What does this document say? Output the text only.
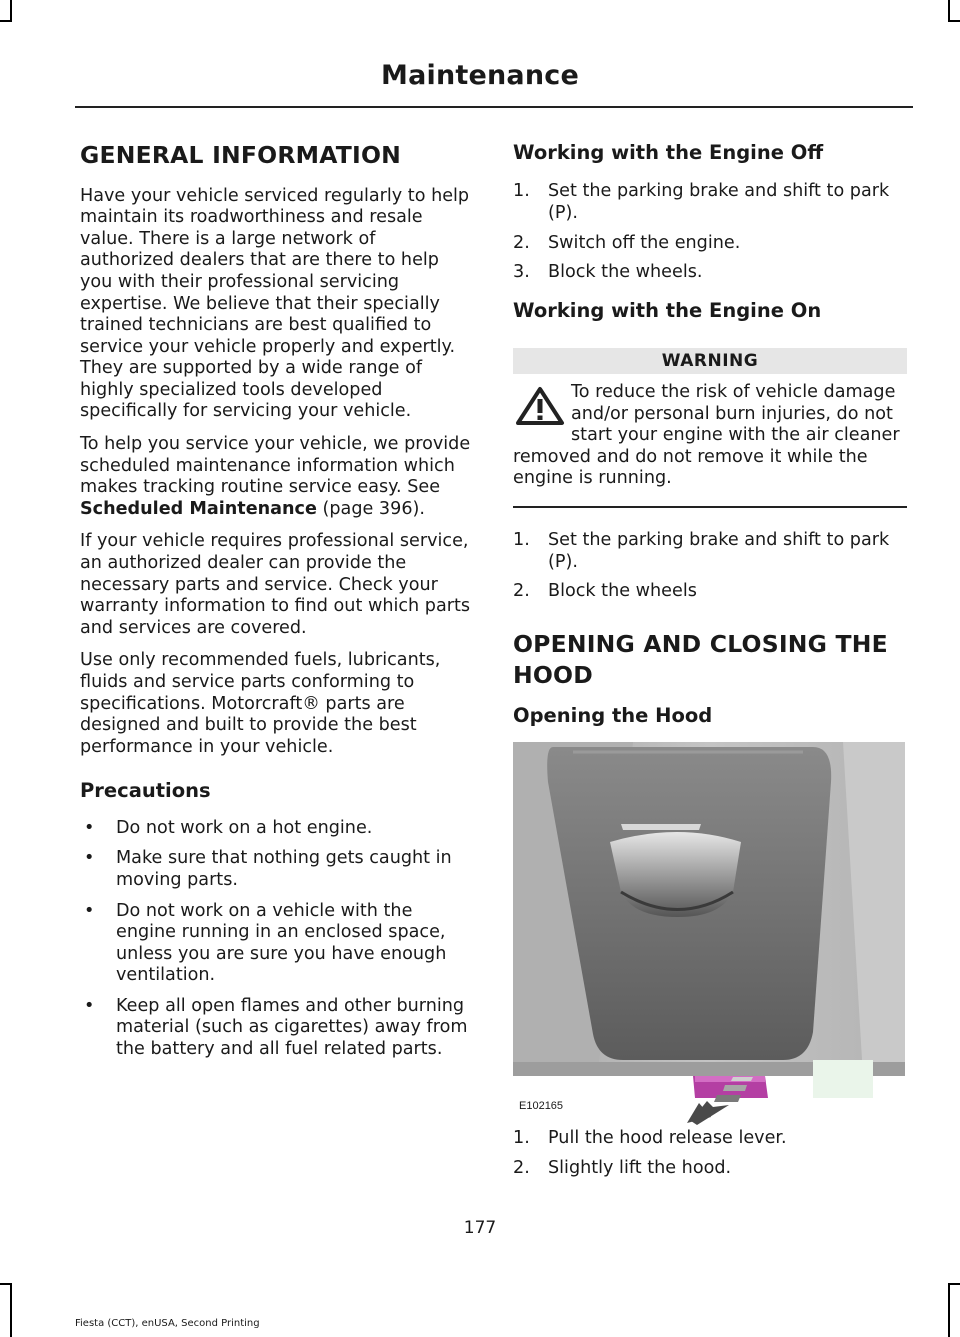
Maintenance
GENERAL INFORMATION

Have your vehicle serviced regularly to help maintain its roadworthiness and resale value. There is a large network of authorized dealers that are there to help you with their professional servicing expertise. We believe that their specially trained technicians are best qualified to service your vehicle properly and expertly. They are supported by a wide range of highly specialized tools developed specifically for servicing your vehicle.

To help you service your vehicle, we provide scheduled maintenance information which makes tracking routine service easy. See Scheduled Maintenance (page 396).

If your vehicle requires professional service, an authorized dealer can provide the necessary parts and service. Check your warranty information to find out which parts and services are covered.

Use only recommended fuels, lubricants, fluids and service parts conforming to specifications. Motorcraft® parts are designed and built to provide the best performance in your vehicle.

Precautions
• Do not work on a hot engine.
• Make sure that nothing gets caught in moving parts.
• Do not work on a vehicle with the engine running in an enclosed space, unless you are sure you have enough ventilation.
• Keep all open flames and other burning material (such as cigarettes) away from the battery and all fuel related parts.
Working with the Engine Off
1. Set the parking brake and shift to park (P).
2. Switch off the engine.
3. Block the wheels.
Working with the Engine On
WARNING
To reduce the risk of vehicle damage and/or personal burn injuries, do not start your engine with the air cleaner removed and do not remove it while the engine is running.
1. Set the parking brake and shift to park (P).
2. Block the wheels
OPENING AND CLOSING THE HOOD
Opening the Hood
E102165
1. Pull the hood release lever.
2. Slightly lift the hood.
177
Fiesta (CCT), enUSA, Second Printing
